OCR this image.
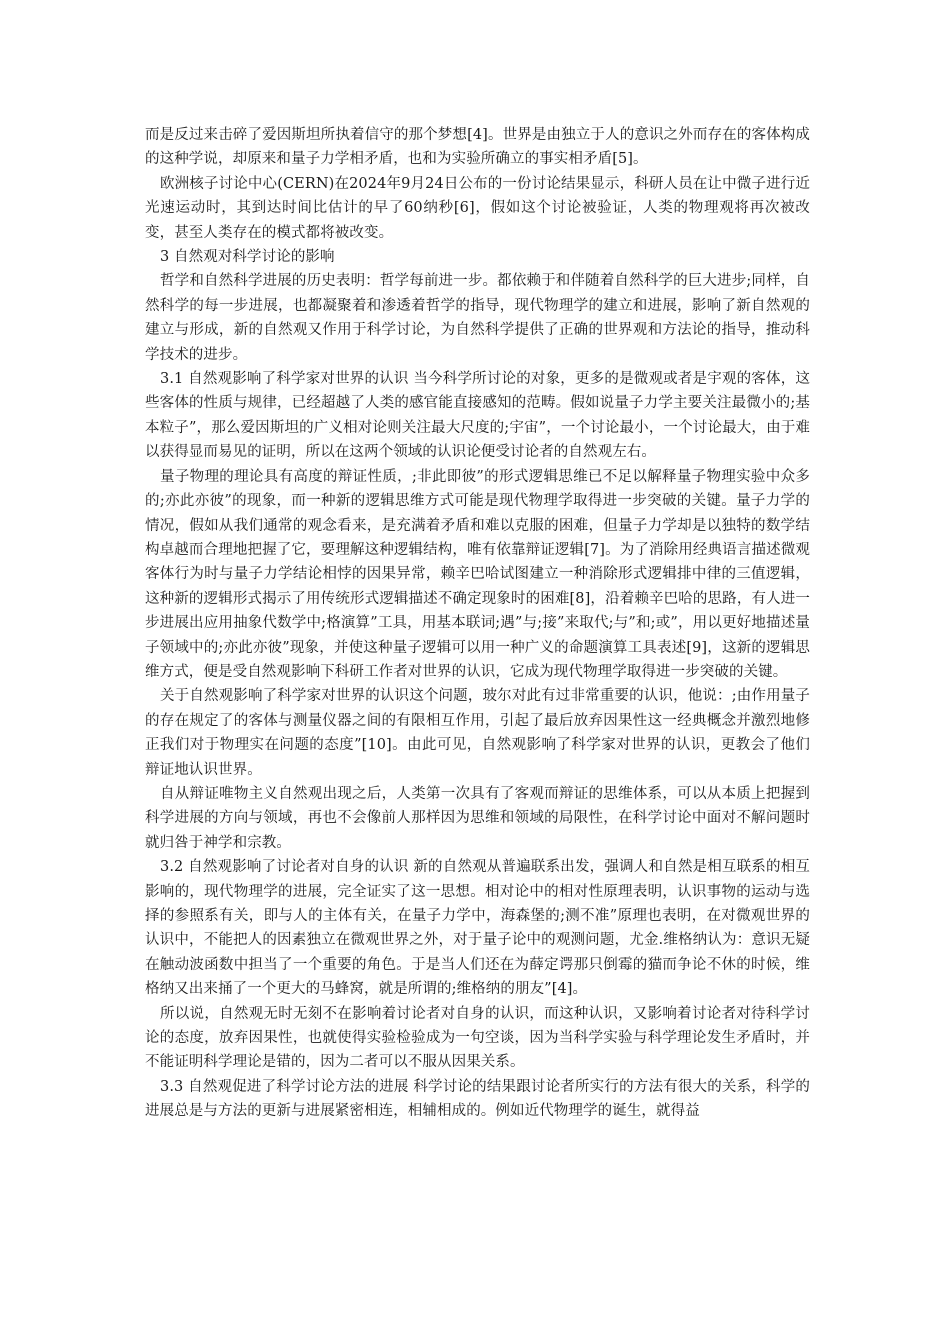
而是反过来击碎了爱因斯坦所执着信守的那个梦想[4]。世界是由独立于人的意识之外而存在的客体构成的这种学说，却原来和量子力学相矛盾，也和为实验所确立的事实相矛盾[5]。

欧洲核子讨论中心(CERN)在2024年9月24日公布的一份讨论结果显示，科研人员在让中微子进行近光速运动时，其到达时间比估计的早了60纳秒[6]，假如这个讨论被验证，人类的物理观将再次被改变，甚至人类存在的模式都将被改变。

3 自然观对科学讨论的影响

哲学和自然科学进展的历史表明：哲学每前进一步。都依赖于和伴随着自然科学的巨大进步;同样，自然科学的每一步进展，也都凝聚着和渗透着哲学的指导，现代物理学的建立和进展，影响了新自然观的建立与形成，新的自然观又作用于科学讨论，为自然科学提供了正确的世界观和方法论的指导，推动科学技术的进步。

3.1 自然观影响了科学家对世界的认识 当今科学所讨论的对象，更多的是微观或者是宇观的客体，这些客体的性质与规律，已经超越了人类的感官能直接感知的范畴。假如说量子力学主要关注最微小的;基本粒子”，那么爱因斯坦的广义相对论则关注最大尺度的;宇宙”，一个讨论最小，一个讨论最大，由于难以获得显而易见的证明，所以在这两个领域的认识论便受讨论者的自然观左右。

量子物理的理论具有高度的辩证性质，;非此即彼”的形式逻辑思维已不足以解释量子物理实验中众多的;亦此亦彼”的现象，而一种新的逻辑思维方式可能是现代物理学取得进一步突破的关键。量子力学的情况，假如从我们通常的观念看来，是充满着矛盾和难以克服的困难，但量子力学却是以独特的数学结构卓越而合理地把握了它，要理解这种逻辑结构，唯有依靠辩证逻辑[7]。为了消除用经典语言描述微观客体行为时与量子力学结论相悖的因果异常，赖辛巴哈试图建立一种消除形式逻辑排中律的三值逻辑，这种新的逻辑形式揭示了用传统形式逻辑描述不确定现象时的困难[8]，沿着赖辛巴哈的思路，有人进一步进展出应用抽象代数学中;格演算”工具，用基本联词;遇”与;接”来取代;与”和;或”，用以更好地描述量子领域中的;亦此亦彼”现象，并使这种量子逻辑可以用一种广义的命题演算工具表述[9]，这新的逻辑思维方式，便是受自然观影响下科研工作者对世界的认识，它成为现代物理学取得进一步突破的关键。

关于自然观影响了科学家对世界的认识这个问题，玻尔对此有过非常重要的认识，他说：;由作用量子的存在规定了的客体与测量仪器之间的有限相互作用，引起了最后放弃因果性这一经典概念并激烈地修正我们对于物理实在问题的态度”[10]。由此可见，自然观影响了科学家对世界的认识，更教会了他们辩证地认识世界。

自从辩证唯物主义自然观出现之后，人类第一次具有了客观而辩证的思维体系，可以从本质上把握到科学进展的方向与领域，再也不会像前人那样因为思维和领域的局限性，在科学讨论中面对不解问题时就归咎于神学和宗教。

3.2 自然观影响了讨论者对自身的认识 新的自然观从普遍联系出发，强调人和自然是相互联系的相互影响的，现代物理学的进展，完全证实了这一思想。相对论中的相对性原理表明，认识事物的运动与选择的参照系有关，即与人的主体有关，在量子力学中，海森堡的;测不准”原理也表明，在对微观世界的认识中，不能把人的因素独立在微观世界之外，对于量子论中的观测问题，尤金.维格纳认为：意识无疑在触动波函数中担当了一个重要的角色。于是当人们还在为薛定谔那只倒霉的猫而争论不休的时候，维格纳又出来捅了一个更大的马蜂窝，就是所谓的;维格纳的朋友”[4]。

所以说，自然观无时无刻不在影响着讨论者对自身的认识，而这种认识，又影响着讨论者对待科学讨论的态度，放弃因果性，也就使得实验检验成为一句空谈，因为当科学实验与科学理论发生矛盾时，并不能证明科学理论是错的，因为二者可以不服从因果关系。

3.3 自然观促进了科学讨论方法的进展 科学讨论的结果跟讨论者所实行的方法有很大的关系，科学的进展总是与方法的更新与进展紧密相连，相辅相成的。例如近代物理学的诞生，就得益
